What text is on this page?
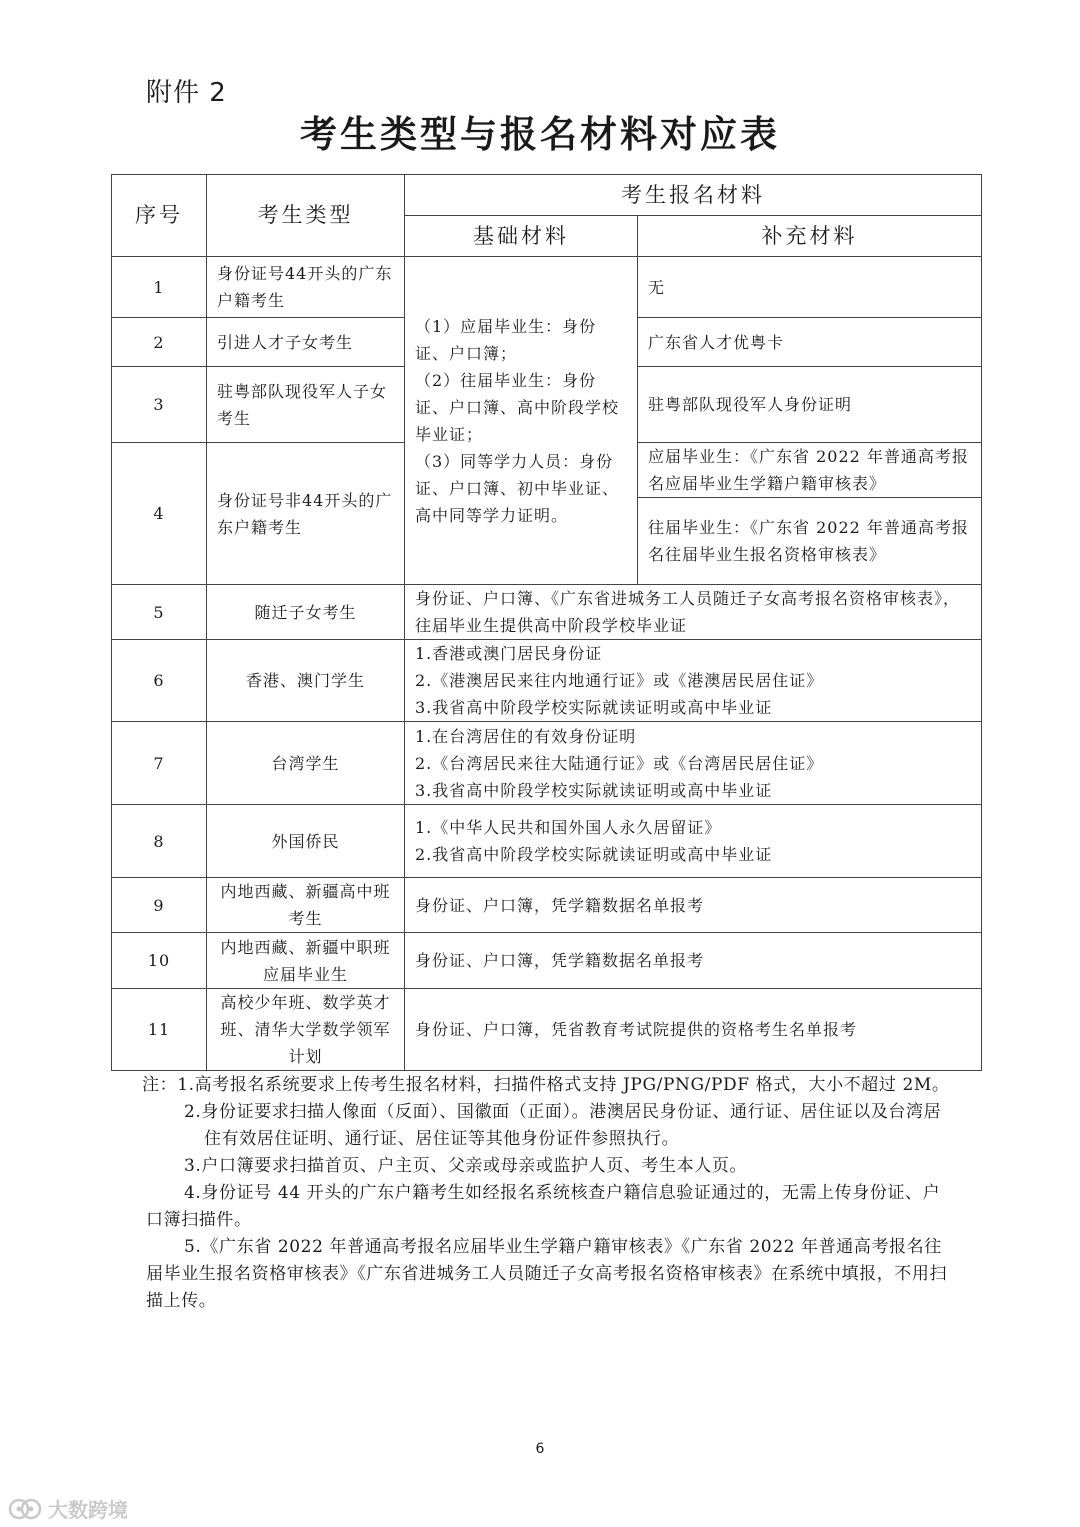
附件 2
考生类型与报名材料对应表
序号	考生类型	考生报名材料	
		基础材料	补充材料
1	身份证号44开头的广东户籍考生	（1）应届毕业生：身份证、户口簿；
（2）往届毕业生：身份证、户口簿、高中阶段学校毕业证；
（3）同等学力人员：身份证、户口簿、初中毕业证、高中同等学力证明。	无
2	引进人才子女考生		广东省人才优粤卡
3	驻粤部队现役军人子女考生		驻粤部队现役军人身份证明
4	身份证号非44开头的广东户籍考生		应届毕业生：《广东省 2022 年普通高考报名应届毕业生学籍户籍审核表》
			往届毕业生：《广东省 2022 年普通高考报名往届毕业生报名资格审核表》
5	随迁子女考生	身份证、户口簿、《广东省进城务工人员随迁子女高考报名资格审核表》，往届毕业生提供高中阶段学校毕业证	
6	香港、澳门学生	1.香港或澳门居民身份证
2.《港澳居民来往内地通行证》或《港澳居民居住证》
3.我省高中阶段学校实际就读证明或高中毕业证	

7	台湾学生	1.在台湾居住的有效身份证明
2.《台湾居民来往大陆通行证》或《台湾居民居住证》
3.我省高中阶段学校实际就读证明或高中毕业证	

8	外国侨民	1.《中华人民共和国外国人永久居留证》
2.我省高中阶段学校实际就读证明或高中毕业证	

9	内地西藏、新疆高中班考生	身份证、户口簿，凭学籍数据名单报考	
10	内地西藏、新疆中职班应届毕业生	身份证、户口簿，凭学籍数据名单报考	
11	高校少年班、数学英才班、清华大学数学领军计划	身份证、户口簿，凭省教育考试院提供的资格考生名单报考	

注：1.高考报名系统要求上传考生报名材料，扫描件格式支持 JPG/PNG/PDF 格式，大小不超过 2M。

2.身份证要求扫描人像面（反面）、国徽面（正面）。港澳居民身份证、通行证、居住证以及台湾居住有效居住证明、通行证、居住证等其他身份证件参照执行。

3.户口簿要求扫描首页、户主页、父亲或母亲或监护人页、考生本人页。

4.身份证号 44 开头的广东户籍考生如经报名系统核查户籍信息验证通过的，无需上传身份证、户口簿扫描件。

5.《广东省 2022 年普通高考报名应届毕业生学籍户籍审核表》《广东省 2022 年普通高考报名往届毕业生报名资格审核表》《广东省进城务工人员随迁子女高考报名资格审核表》在系统中填报，不用扫描上传。

6
大数跨境
